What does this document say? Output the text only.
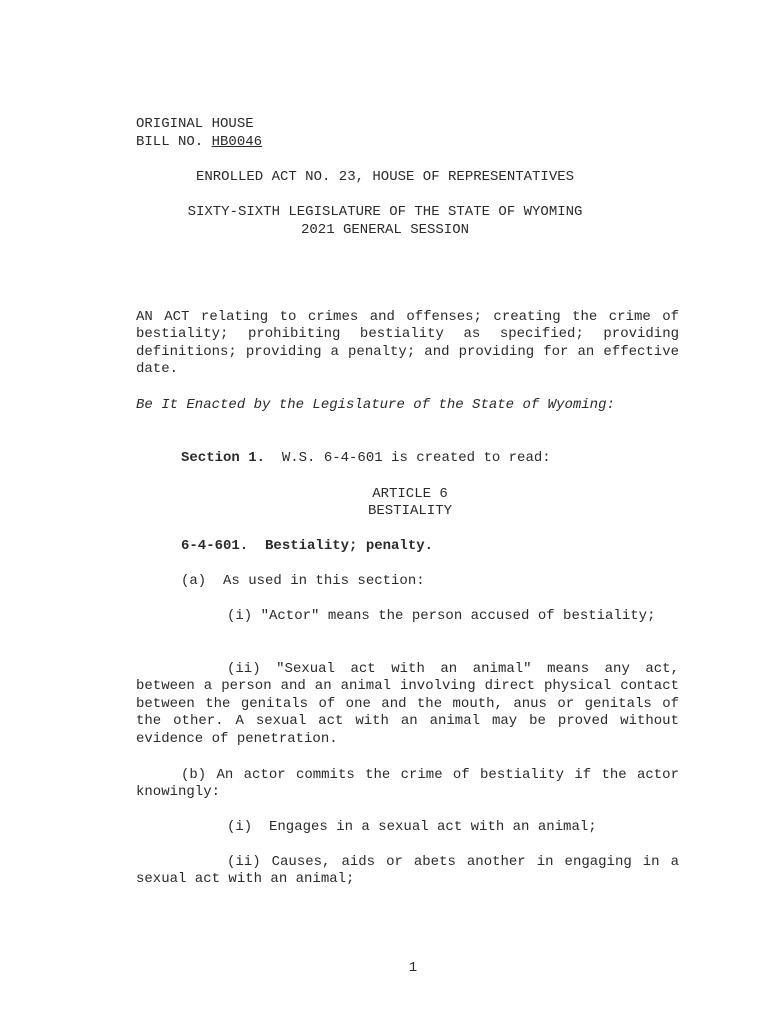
ORIGINAL HOUSE
BILL NO. HB0046

ENROLLED ACT NO. 23, HOUSE OF REPRESENTATIVES

SIXTY-SIXTH LEGISLATURE OF THE STATE OF WYOMING

2021 GENERAL SESSION

AN ACT relating to crimes and offenses; creating the crime of bestiality; prohibiting bestiality as specified; providing definitions; providing a penalty; and providing for an effective date.

Be It Enacted by the Legislature of the State of Wyoming:

Section 1.  W.S. 6-4-601 is created to read:

ARTICLE 6

BESTIALITY

6-4-601.  Bestiality; penalty.

(a)  As used in this section:

(i) "Actor" means the person accused of bestiality;

(ii) "Sexual act with an animal" means any act, between a person and an animal involving direct physical contact between the genitals of one and the mouth, anus or genitals of the other. A sexual act with an animal may be proved without evidence of penetration.

(b) An actor commits the crime of bestiality if the actor knowingly:

(i)  Engages in a sexual act with an animal;

(ii) Causes, aids or abets another in engaging in a sexual act with an animal;

1
